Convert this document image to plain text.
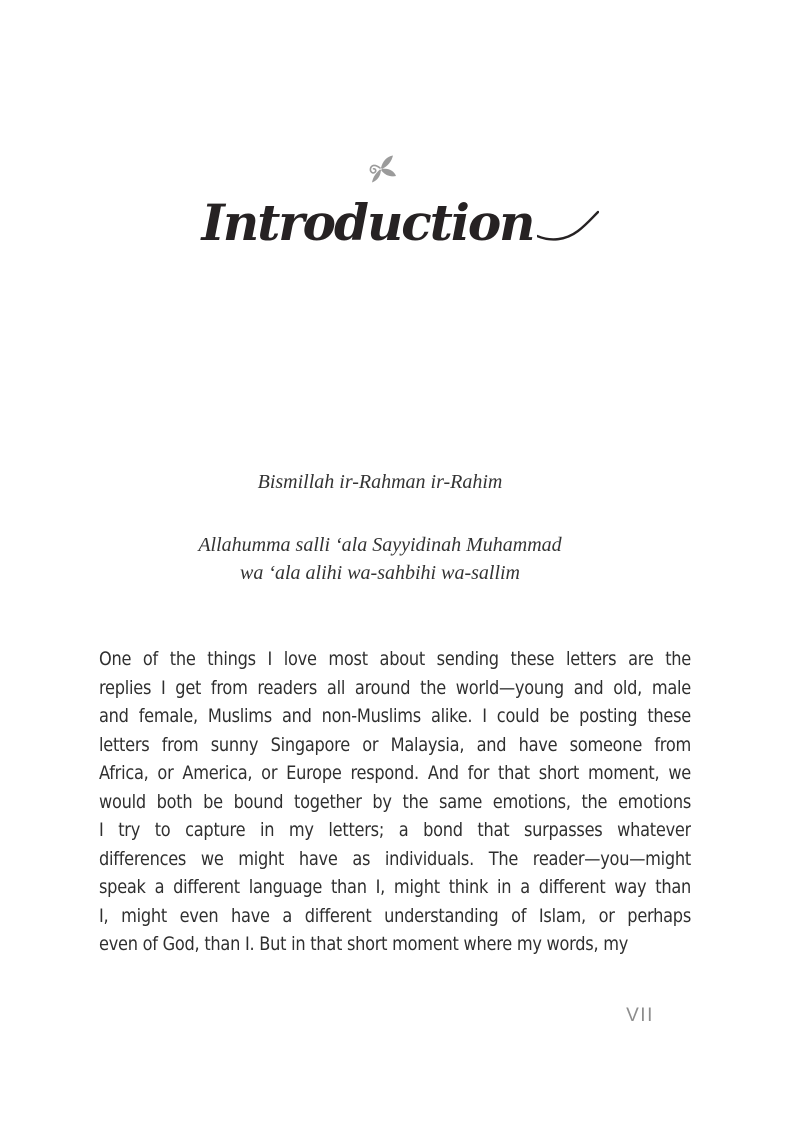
Introduction

Bismillah ir-Rahman ir-Rahim

Allahumma salli ‘ala Sayyidinah Muhammad

wa ‘ala alihi wa-sahbihi wa-sallim

One of the things I love most about sending these letters are the
replies I get from readers all around the world—young and old, male
and female, Muslims and non-Muslims alike. I could be posting these
letters from sunny Singapore or Malaysia, and have someone from
Africa, or America, or Europe respond. And for that short moment, we
would both be bound together by the same emotions, the emotions
I try to capture in my letters; a bond that surpasses whatever
differences we might have as individuals. The reader—you—might
speak a different language than I, might think in a different way than
I, might even have a different understanding of Islam, or perhaps
even of God, than I. But in that short moment where my words, my
VII
